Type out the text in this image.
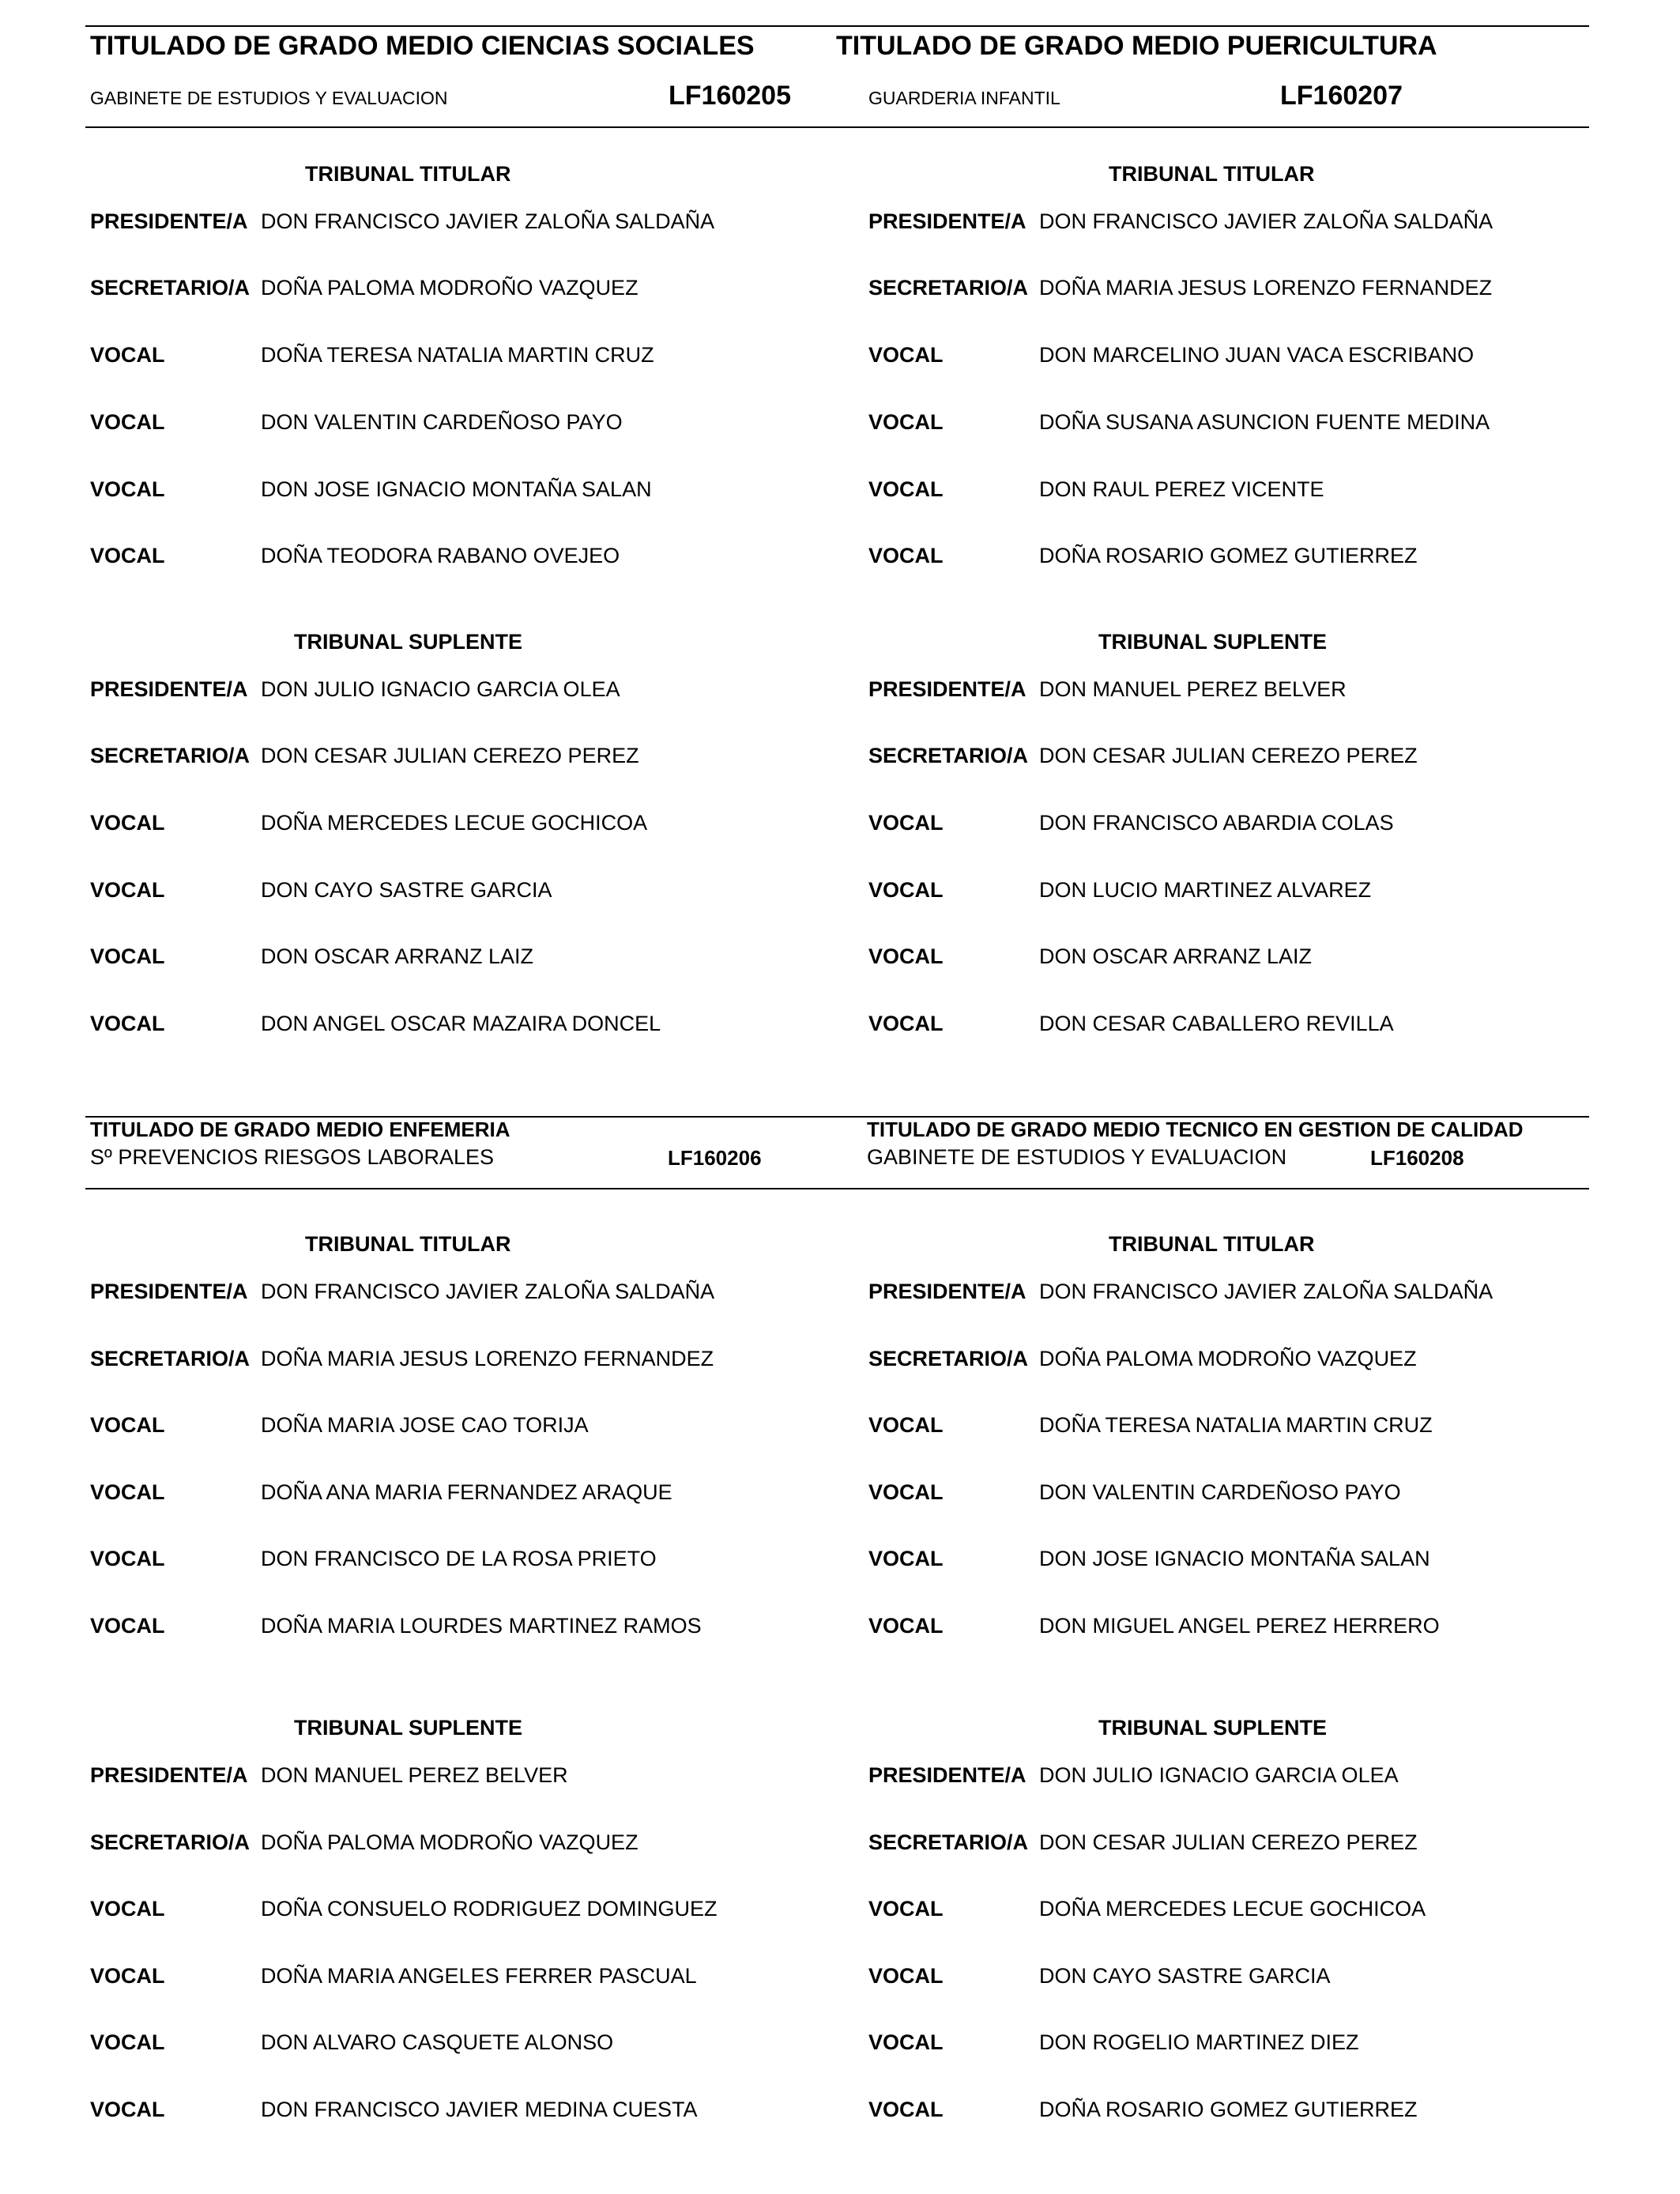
TITULADO DE GRADO MEDIO CIENCIAS SOCIALES
GABINETE DE ESTUDIOS Y EVALUACION	LF160205
TRIBUNAL TITULAR
PRESIDENTE/A DON FRANCISCO JAVIER ZALOÑA SALDAÑA
SECRETARIO/A DOÑA PALOMA MODROÑO VAZQUEZ
VOCAL	DOÑA TERESA NATALIA MARTIN CRUZ
VOCAL	DON VALENTIN CARDEÑOSO PAYO
VOCAL	DON JOSE IGNACIO MONTAÑA SALAN
VOCAL	DOÑA TEODORA RABANO OVEJEO
TRIBUNAL SUPLENTE
PRESIDENTE/A DON JULIO IGNACIO GARCIA OLEA
SECRETARIO/A DON CESAR JULIAN CEREZO PEREZ
VOCAL	DOÑA MERCEDES LECUE GOCHICOA
VOCAL	DON CAYO SASTRE GARCIA
VOCAL	DON OSCAR ARRANZ LAIZ
VOCAL	DON ANGEL OSCAR MAZAIRA DONCEL
TITULADO DE GRADO MEDIO PUERICULTURA
GUARDERIA INFANTIL	LF160207
TRIBUNAL TITULAR
PRESIDENTE/A DON FRANCISCO JAVIER ZALOÑA SALDAÑA
SECRETARIO/A DOÑA MARIA JESUS LORENZO FERNANDEZ
VOCAL	DON MARCELINO JUAN VACA ESCRIBANO
VOCAL	DOÑA SUSANA ASUNCION FUENTE MEDINA
VOCAL	DON RAUL PEREZ VICENTE
VOCAL	DOÑA ROSARIO GOMEZ GUTIERREZ
TRIBUNAL SUPLENTE
PRESIDENTE/A DON MANUEL PEREZ BELVER
SECRETARIO/A DON CESAR JULIAN CEREZO PEREZ
VOCAL	DON FRANCISCO ABARDIA COLAS
VOCAL	DON LUCIO MARTINEZ ALVAREZ
VOCAL	DON OSCAR ARRANZ LAIZ
VOCAL	DON CESAR CABALLERO REVILLA
TITULADO DE GRADO MEDIO ENFEMERIA
Sº PREVENCIOS RIESGOS LABORALES	LF160206
TRIBUNAL TITULAR
PRESIDENTE/A DON FRANCISCO JAVIER ZALOÑA SALDAÑA
SECRETARIO/A DOÑA MARIA JESUS LORENZO FERNANDEZ
VOCAL	DOÑA MARIA JOSE CAO TORIJA
VOCAL	DOÑA ANA MARIA FERNANDEZ ARAQUE
VOCAL	DON FRANCISCO DE LA ROSA PRIETO
VOCAL	DOÑA MARIA LOURDES MARTINEZ RAMOS
TRIBUNAL SUPLENTE
PRESIDENTE/A DON MANUEL PEREZ BELVER
SECRETARIO/A DOÑA PALOMA MODROÑO VAZQUEZ
VOCAL	DOÑA CONSUELO RODRIGUEZ DOMINGUEZ
VOCAL	DOÑA MARIA ANGELES FERRER PASCUAL
VOCAL	DON ALVARO CASQUETE ALONSO
VOCAL	DON FRANCISCO JAVIER MEDINA CUESTA
TITULADO DE GRADO MEDIO TECNICO EN GESTION DE CALIDAD
GABINETE DE ESTUDIOS Y EVALUACION	LF160208
TRIBUNAL TITULAR
PRESIDENTE/A DON FRANCISCO JAVIER ZALOÑA SALDAÑA
SECRETARIO/A DOÑA PALOMA MODROÑO VAZQUEZ
VOCAL	DOÑA TERESA NATALIA MARTIN CRUZ
VOCAL	DON VALENTIN CARDEÑOSO PAYO
VOCAL	DON JOSE IGNACIO MONTAÑA SALAN
VOCAL	DON MIGUEL ANGEL PEREZ HERRERO
TRIBUNAL SUPLENTE
PRESIDENTE/A DON JULIO IGNACIO GARCIA OLEA
SECRETARIO/A DON CESAR JULIAN CEREZO PEREZ
VOCAL	DOÑA MERCEDES LECUE GOCHICOA
VOCAL	DON CAYO SASTRE GARCIA
VOCAL	DON ROGELIO MARTINEZ DIEZ
VOCAL	DOÑA ROSARIO GOMEZ GUTIERREZ
